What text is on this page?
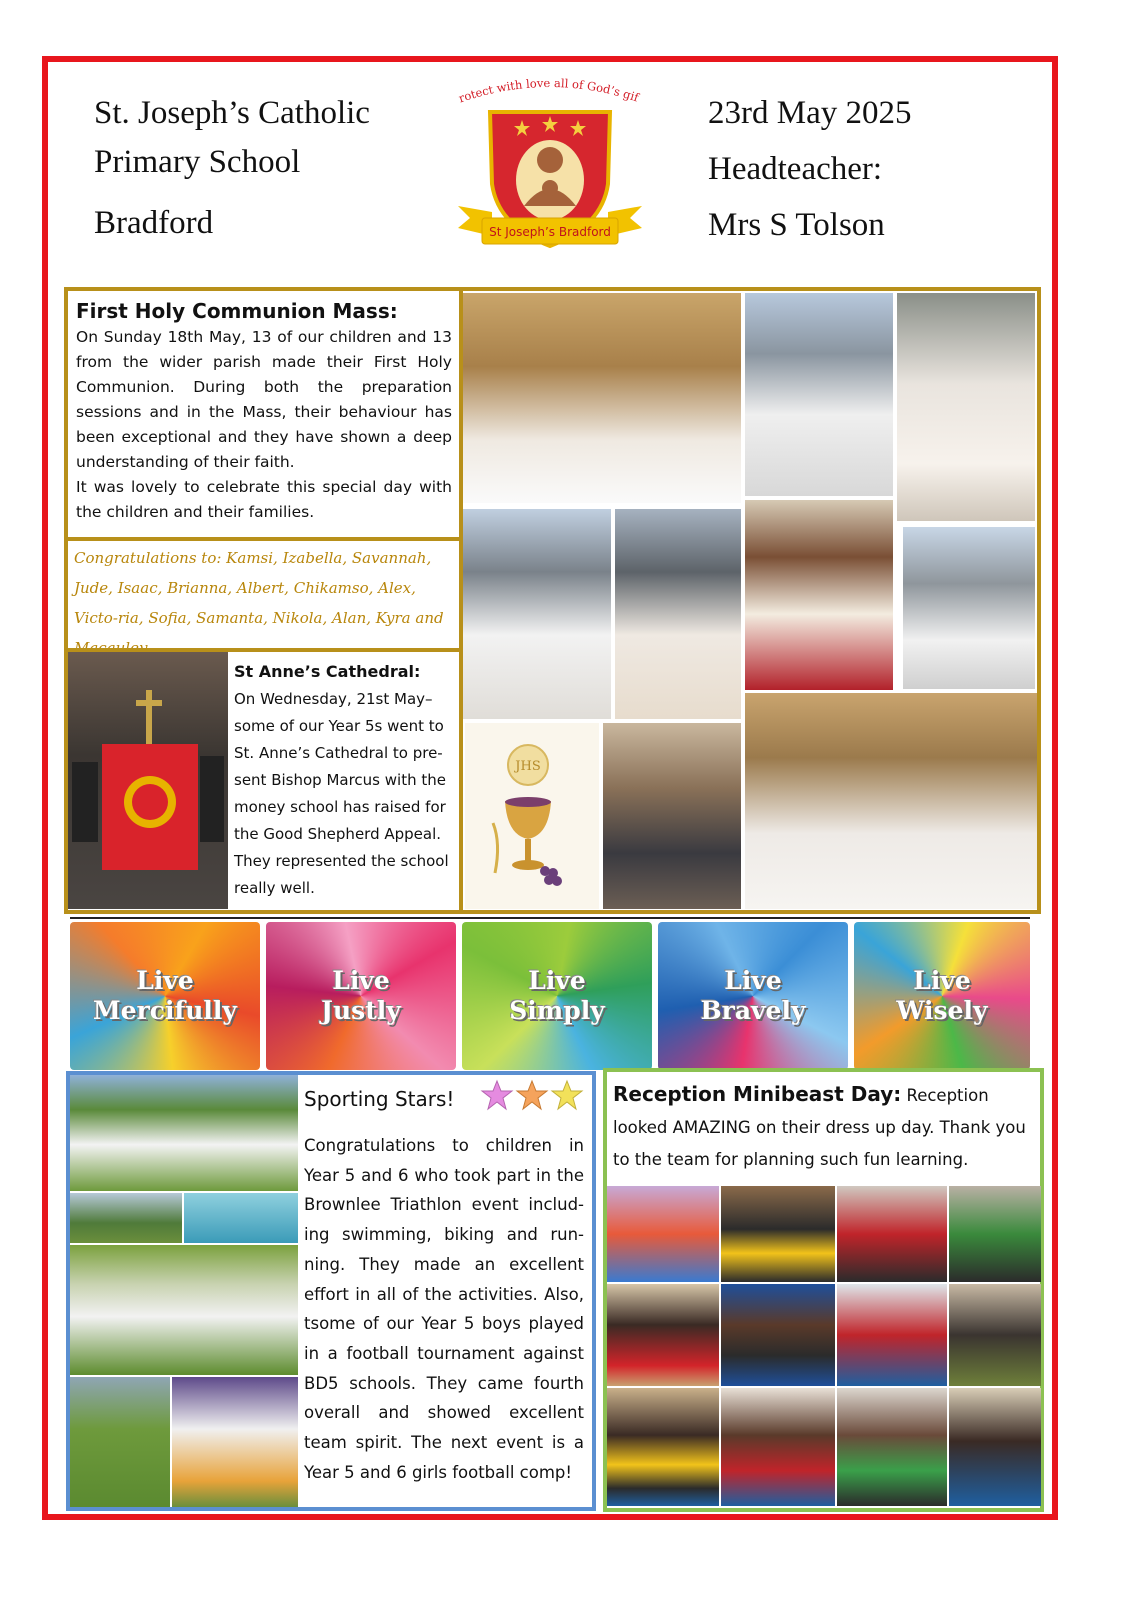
St. Joseph’s Catholic
Primary School
Bradford
rotect with love all of God’s gif
St Joseph’s Bradford
23rd May 2025
Headteacher:
Mrs S Tolson
First Holy Communion Mass:
On Sunday 18th May, 13 of our children and 13 from the wider parish made their First Holy Communion. During both the preparation sessions and in the Mass, their behaviour has been exceptional and they have shown a deep understanding of their faith.
It was lovely to celebrate this special day with the children and their families.
Congratulations to: Kamsi, Izabella, Savannah, Jude, Isaac, Brianna, Albert, Chikamso, Alex, Victo-ria, Sofia, Samanta, Nikola, Alan, Kyra and
JHS
St Anne’s Cathedral:
On Wednesday, 21st May– some of our Year 5s went to St. Anne’s Cathedral to pre-sent Bishop Marcus with the money school has raised for the Good Shepherd Appeal. They represented the school really well.
Live
Mercifully
Live
Justly
Live
Simply
Live
Bravely
Live
Wisely
Sporting Stars!
Congratulations to children in Year 5 and 6 who took part in the Brownlee Triathlon event includ-ing swimming, biking and run-ning. They made an excellent effort in all of the activities. Also, tsome of our Year 5 boys played in a football tournament against BD5 schools. They came fourth overall and showed excellent team spirit. The next event is a Year 5 and 6 girls football comp!
Reception Minibeast Day: Reception looked AMAZING on their dress up day. Thank you to the team for planning such fun learning.
